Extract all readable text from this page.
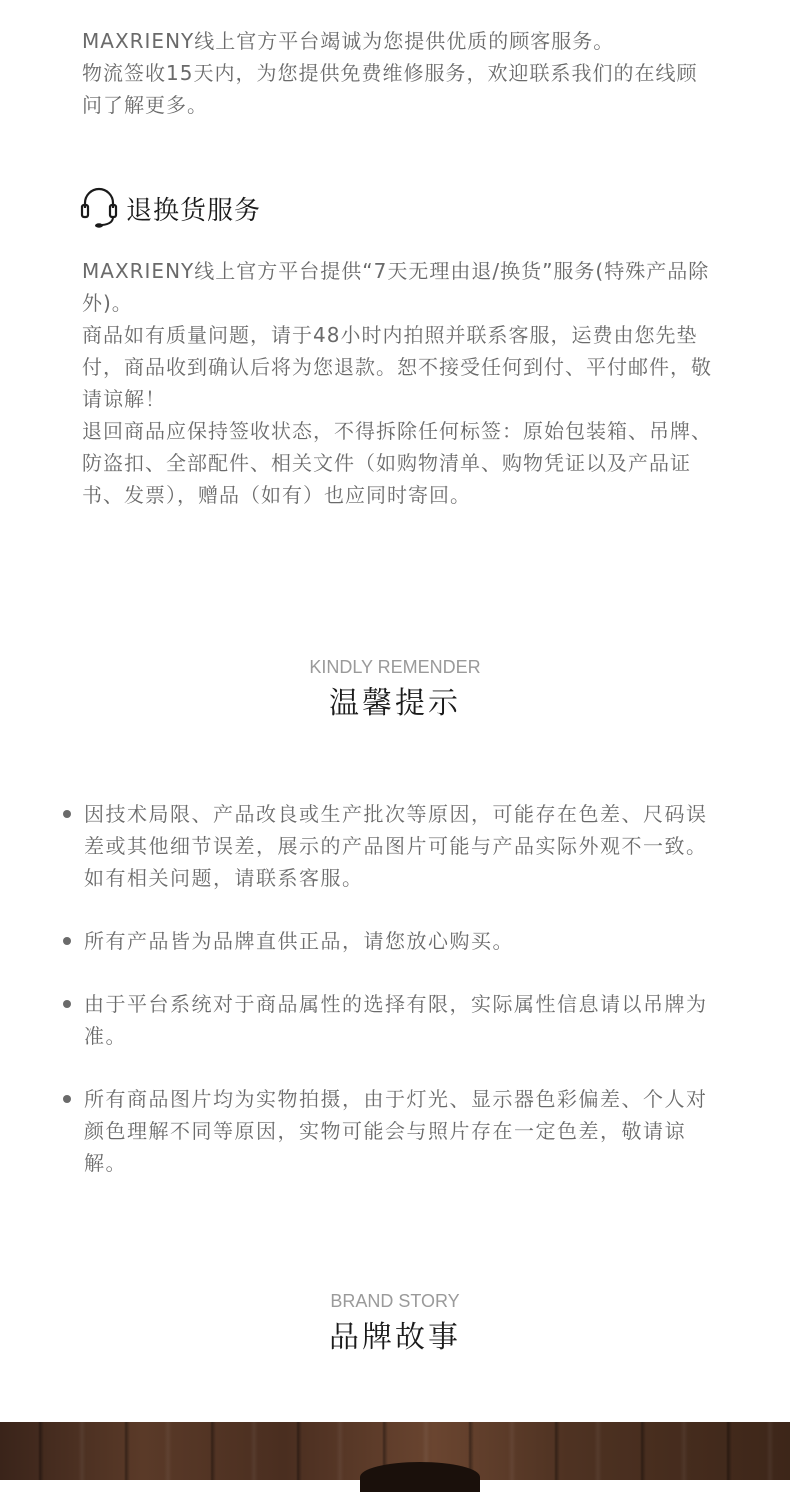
MAXRIENY线上官方平台竭诚为您提供优质的顾客服务。

物流签收15天内，为您提供免费维修服务，欢迎联系我们的在线顾问了解更多。

退换货服务

MAXRIENY线上官方平台提供“7天无理由退/换货”服务(特殊产品除外)。

商品如有质量问题，请于48小时内拍照并联系客服，运费由您先垫付，商品收到确认后将为您退款。恕不接受任何到付、平付邮件，敬请谅解！

退回商品应保持签收状态，不得拆除任何标签：原始包装箱、吊牌、防盗扣、全部配件、相关文件（如购物清单、购物凭证以及产品证书、发票），赠品（如有）也应同时寄回。

KINDLY REMENDER
温馨提示
因技术局限、产品改良或生产批次等原因，可能存在色差、尺码误差或其他细节误差，展示的产品图片可能与产品实际外观不一致。如有相关问题，请联系客服。
所有产品皆为品牌直供正品，请您放心购买。
由于平台系统对于商品属性的选择有限，实际属性信息请以吊牌为准。
所有商品图片均为实物拍摄，由于灯光、显示器色彩偏差、个人对颜色理解不同等原因，实物可能会与照片存在一定色差，敬请谅解。
BRAND STORY
品牌故事
